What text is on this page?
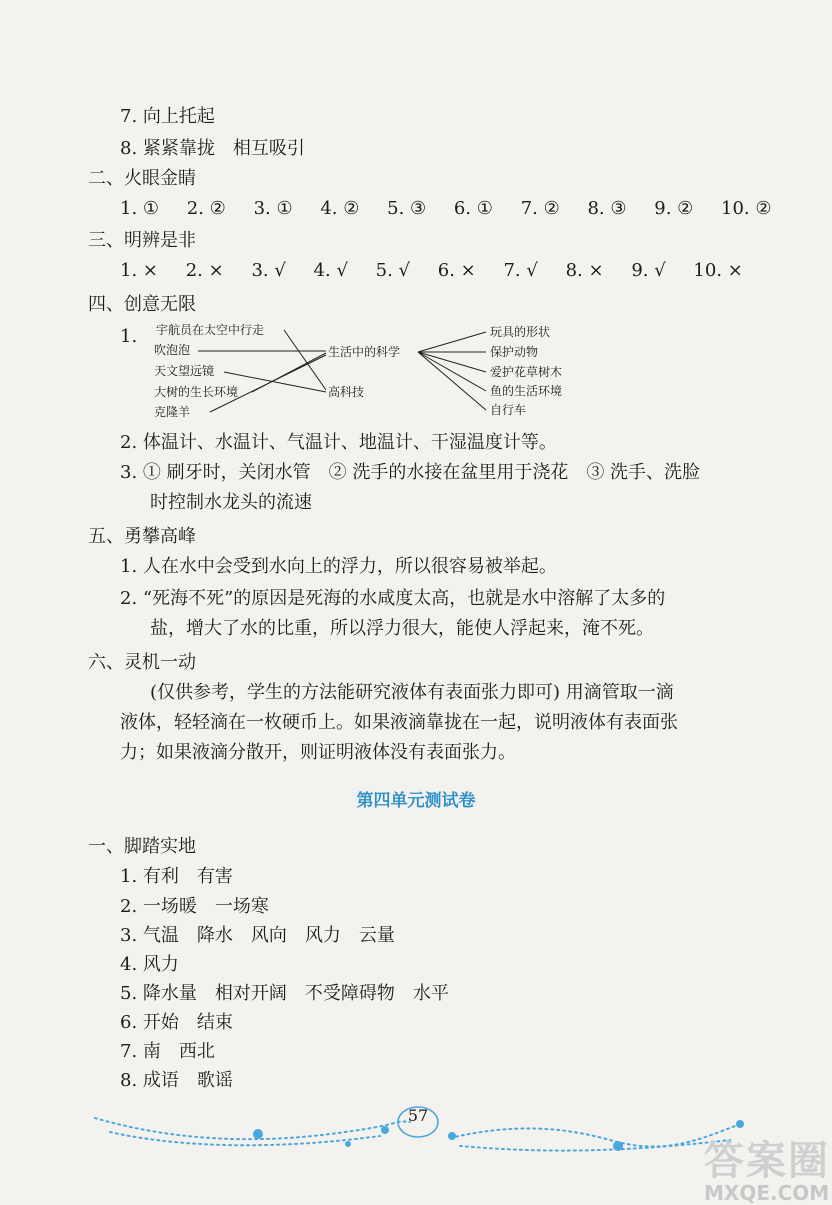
7. 向上托起
8. 紧紧靠拢　相互吸引
二、火眼金睛
1. ① 2. ② 3. ① 4. ② 5. ③ 6. ① 7. ② 8. ③ 9. ② 10. ②
三、明辨是非
1. × 2. × 3. √ 4. √ 5. √ 6. × 7. √ 8. × 9. √ 10. ×
四、创意无限
1. 宇航员在太空中行走
吹泡泡
天文望远镜
大树的生长环境
克隆羊
生活中的科学
高科技
玩具的形状
保护动物
爱护花草树木
鱼的生活环境
自行车
2. 体温计、水温计、气温计、地温计、干湿温度计等。
3. ① 刷牙时，关闭水管　② 洗手的水接在盆里用于浇花　③ 洗手、洗脸
时控制水龙头的流速
五、勇攀高峰
1. 人在水中会受到水向上的浮力，所以很容易被举起。
2. “死海不死”的原因是死海的水咸度太高，也就是水中溶解了太多的
盐，增大了水的比重，所以浮力很大，能使人浮起来，淹不死。
六、灵机一动
(仅供参考，学生的方法能研究液体有表面张力即可) 用滴管取一滴
液体，轻轻滴在一枚硬币上。如果液滴靠拢在一起，说明液体有表面张
力；如果液滴分散开，则证明液体没有表面张力。
第四单元测试卷
一、脚踏实地
1. 有利　有害
2. 一场暖　一场寒
3. 气温　降水　风向　风力　云量
4. 风力
5. 降水量　相对开阔　不受障碍物　水平
6. 开始　结束
7. 南　西北
8. 成语　歌谣
57
答案圈
MXQE.COM
